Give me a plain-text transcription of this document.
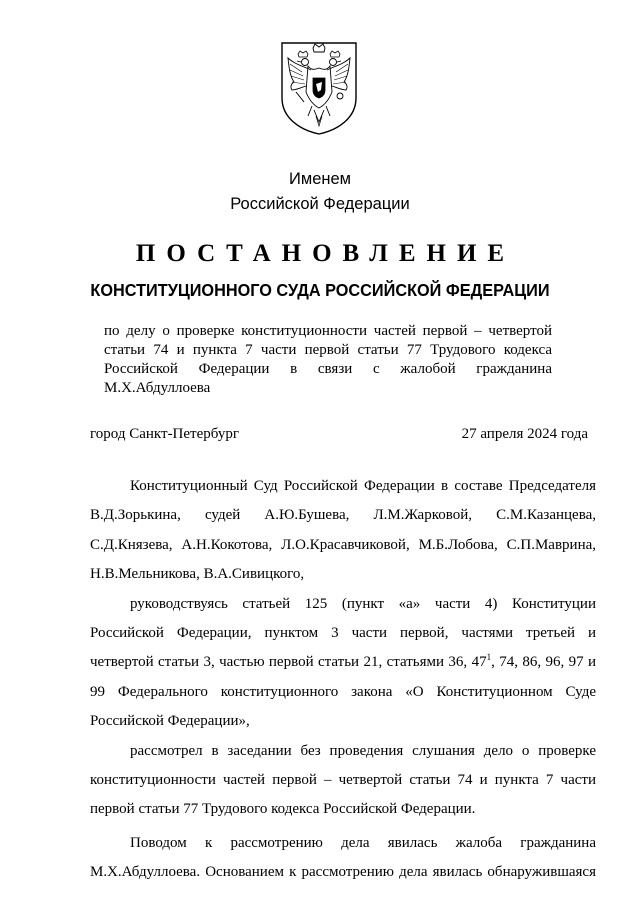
Именем
Российской Федерации
ПОСТАНОВЛЕНИЕ
КОНСТИТУЦИОННОГО СУДА РОССИЙСКОЙ ФЕДЕРАЦИИ
по делу о проверке конституционности частей первой – четвертой
статьи 74 и пункта 7 части первой статьи 77 Трудового кодекса
Российской Федерации в связи с жалобой гражданина
М.Х.Абдуллоева
город Санкт-Петербург	27 апреля 2024 года
Конституционный Суд Российской Федерации в составе Председателя
В.Д.Зорькина, судей А.Ю.Бушева, Л.М.Жарковой, С.М.Казанцева,
С.Д.Князева, А.Н.Кокотова, Л.О.Красавчиковой, М.Б.Лобова, С.П.Маврина,
Н.В.Мельникова, В.А.Сивицкого,
руководствуясь статьей 125 (пункт «а» части 4) Конституции
Российской Федерации, пунктом 3 части первой, частями третьей и
четвертой статьи 3, частью первой статьи 21, статьями 36, $47^1$, 74, 86, 96, 97 и
99 Федерального конституционного закона «О Конституционном Суде
Российской Федерации»,
рассмотрел в заседании без проведения слушания дело о проверке
конституционности частей первой – четвертой статьи 74 и пункта 7 части
первой статьи 77 Трудового кодекса Российской Федерации.
Поводом к рассмотрению дела явилась жалоба гражданина
М.Х.Абдуллоева. Основанием к рассмотрению дела явилась обнаружившаяся
